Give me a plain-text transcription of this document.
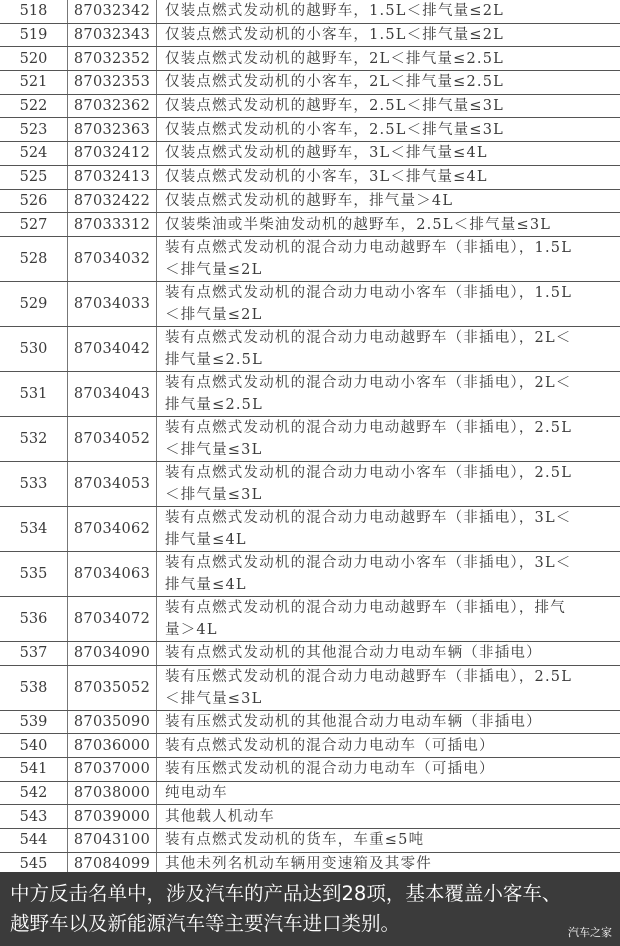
518	87032342	仅装点燃式发动机的越野车，1.5L＜排气量≤2L

519	87032343	仅装点燃式发动机的小客车，1.5L＜排气量≤2L

520	87032352	仅装点燃式发动机的越野车，2L＜排气量≤2.5L

521	87032353	仅装点燃式发动机的小客车，2L＜排气量≤2.5L

522	87032362	仅装点燃式发动机的越野车，2.5L＜排气量≤3L

523	87032363	仅装点燃式发动机的小客车，2.5L＜排气量≤3L

524	87032412	仅装点燃式发动机的越野车，3L＜排气量≤4L

525	87032413	仅装点燃式发动机的小客车，3L＜排气量≤4L

526	87032422	仅装点燃式发动机的越野车，排气量＞4L

527	87033312	仅装柴油或半柴油发动机的越野车，2.5L＜排气量≤3L

528	87034032	装有点燃式发动机的混合动力电动越野车（非插电），1.5L
＜排气量≤2L

529	87034033	装有点燃式发动机的混合动力电动小客车（非插电），1.5L
＜排气量≤2L

530	87034042	装有点燃式发动机的混合动力电动越野车（非插电），2L＜
排气量≤2.5L

531	87034043	装有点燃式发动机的混合动力电动小客车（非插电），2L＜
排气量≤2.5L

532	87034052	装有点燃式发动机的混合动力电动越野车（非插电），2.5L
＜排气量≤3L

533	87034053	装有点燃式发动机的混合动力电动小客车（非插电），2.5L
＜排气量≤3L

534	87034062	装有点燃式发动机的混合动力电动越野车（非插电），3L＜
排气量≤4L

535	87034063	装有点燃式发动机的混合动力电动小客车（非插电），3L＜
排气量≤4L

536	87034072	装有点燃式发动机的混合动力电动越野车（非插电），排气
量＞4L

537	87034090	装有点燃式发动机的其他混合动力电动车辆（非插电）

538	87035052	装有压燃式发动机的混合动力电动越野车（非插电），2.5L
＜排气量≤3L

539	87035090	装有压燃式发动机的其他混合动力电动车辆（非插电）

540	87036000	装有点燃式发动机的混合动力电动车（可插电）

541	87037000	装有压燃式发动机的混合动力电动车（可插电）

542	87038000	纯电动车

543	87039000	其他载人机动车

544	87043100	装有点燃式发动机的货车，车重≤5吨

545	87084099	其他未列名机动车辆用变速箱及其零件
中方反击名单中，涉及汽车的产品达到28项，基本覆盖小客车、
越野车以及新能源汽车等主要汽车进口类别。	汽车之家
